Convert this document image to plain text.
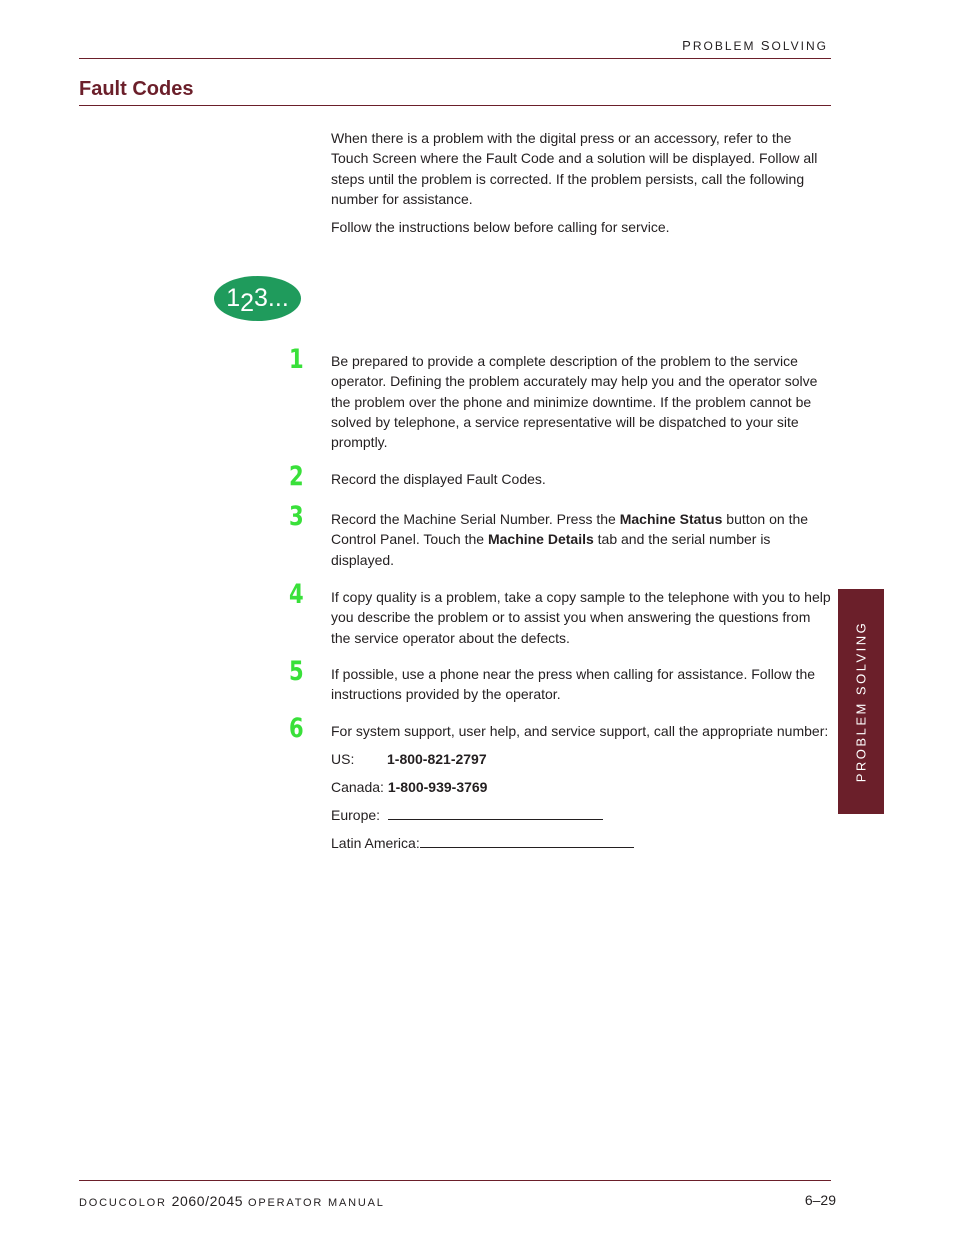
PROBLEM SOLVING
Fault Codes

When there is a problem with the digital press or an accessory, refer to the Touch Screen where the Fault Code and a solution will be displayed. Follow all steps until the problem is corrected. If the problem persists, call the following number for assistance.

Follow the instructions below before calling for service.

1 2 3...
1 Be prepared to provide a complete description of the problem to the service operator. Defining the problem accurately may help you and the operator solve the problem over the phone and minimize downtime. If the problem cannot be solved by telephone, a service representative will be dispatched to your site promptly.

2 Record the displayed Fault Codes.

3 Record the Machine Serial Number. Press the Machine Status button on the Control Panel. Touch the Machine Details tab and the serial number is displayed.

4 If copy quality is a problem, take a copy sample to the telephone with you to help you describe the problem or to assist you when answering the questions from the service operator about the defects.

5 If possible, use a phone near the press when calling for assistance. Follow the instructions provided by the operator.

6 For system support, user help, and service support, call the appropriate number:

US: 1-800-821-2797

Canada: 1-800-939-3769

Europe:

Latin America:

PROBLEM SOLVING
DOCUCOLOR 2060/2045 OPERATOR MANUAL	6–29
